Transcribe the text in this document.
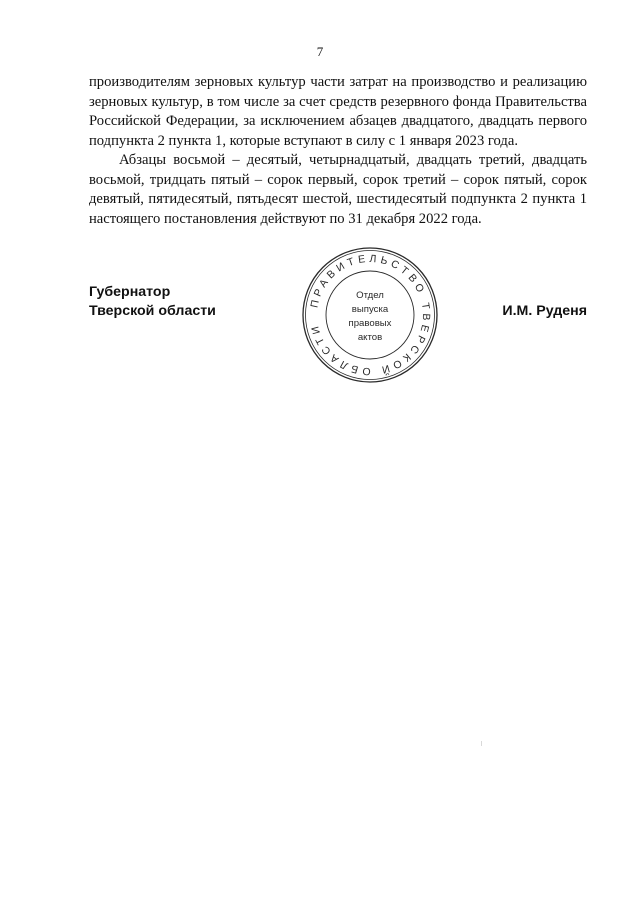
7

производителям зерновых культур части затрат на производство и реализацию зерновых культур, в том числе за счет средств резервного фонда Правительства Российской Федерации, за исключением абзацев двадцатого, двадцать первого подпункта 2 пункта 1, которые вступают в силу с 1 января 2023 года.

Абзацы восьмой – десятый, четырнадцатый, двадцать третий, двадцать восьмой, тридцать пятый – сорок первый, сорок третий – сорок пятый, сорок девятый, пятидесятый, пятьдесят шестой, шестидесятый подпункта 2 пункта 1 настоящего постановления действуют по 31 декабря 2022 года.

Губернатор
Тверской области	ПРАВИТЕЛЬСТВО ТВЕРСКОЙ ОБЛАСТИ
Отдел
выпуска
правовых
актов
И.М. Руденя
